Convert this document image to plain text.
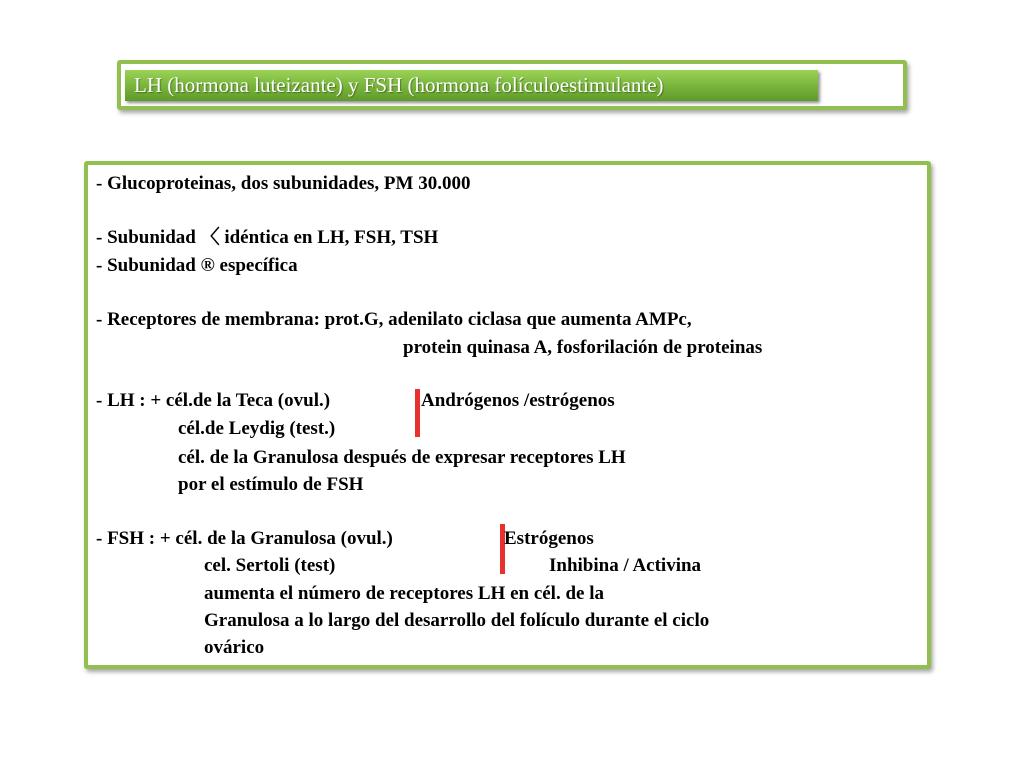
LH (hormona luteizante) y FSH (hormona folículoestimulante)
- Glucoproteinas, dos subunidades, PM 30.000
- Subunidad 〈 idéntica en LH, FSH, TSH
- Subunidad ® específica
- Receptores de membrana: prot.G, adenilato ciclasa que aumenta AMPc,
protein quinasa A, fosforilación de proteinas
- LH : + cél.de la Teca (ovul.)	Andrógenos /estrógenos
cél.de Leydig (test.)
cél. de la Granulosa después de expresar receptores LH
por el estímulo de FSH
- FSH : + cél. de la Granulosa (ovul.)	Estrógenos
cel. Sertoli (test)	Inhibina / Activina
aumenta el número de receptores LH en cél. de la
Granulosa a lo largo del desarrollo del folículo durante el ciclo
ovárico
